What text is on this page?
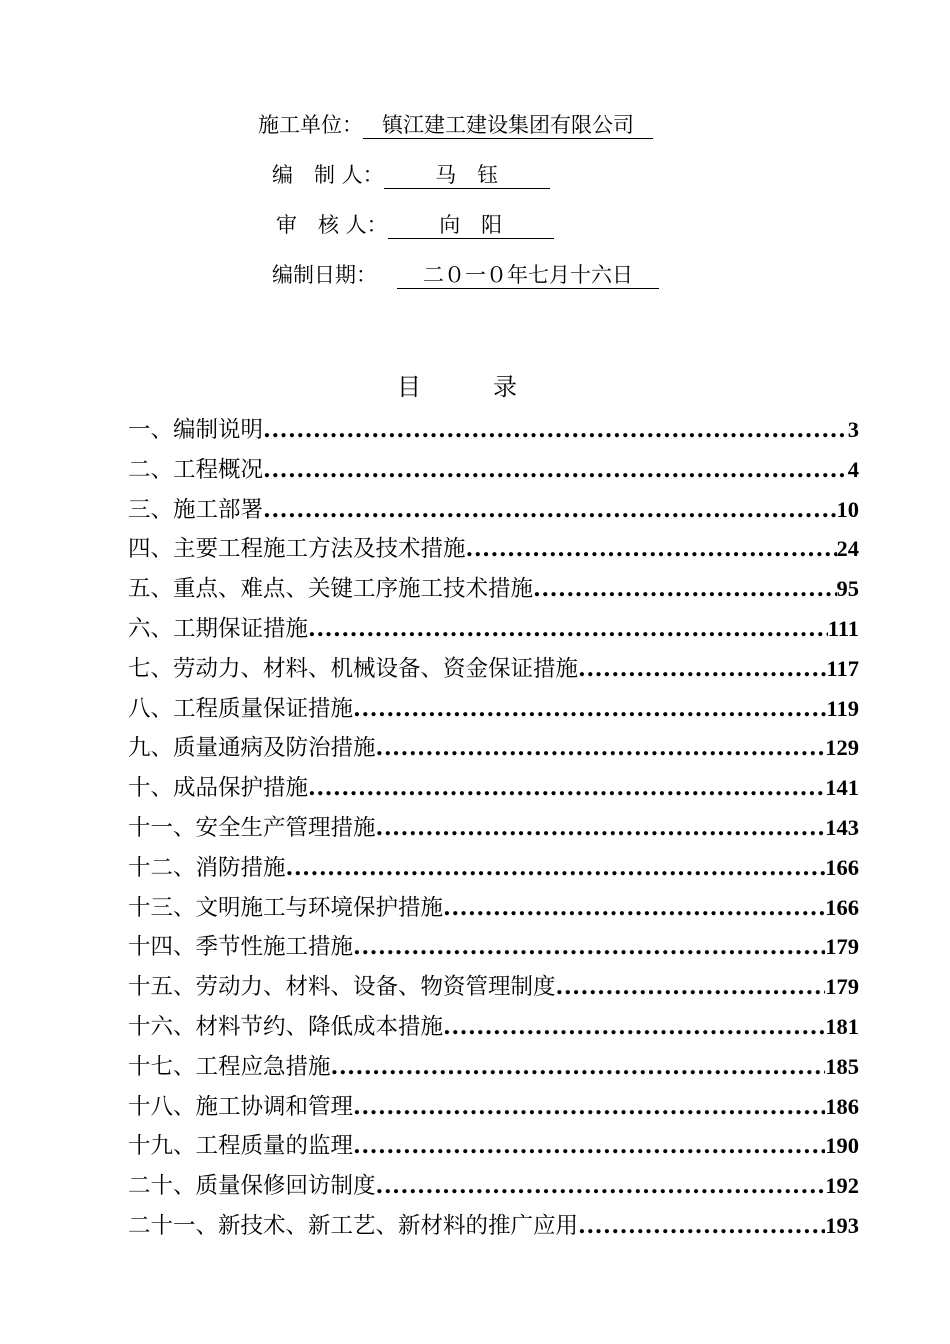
施工单位： 镇江建工建设集团有限公司
编　制 人： 马　钰
审　核 人： 向　阳
编制日期： 二０一０年七月十六日
目录
一、编制说明 .....	3
二、工程概况 .....	4
三、施工部署 .....	10
四、主要工程施工方法及技术措施 .....	24
五、重点、难点、关键工序施工技术措施 .....	95
六、工期保证措施 .....	111
七、劳动力、材料、机械设备、资金保证措施 .....	117
八、工程质量保证措施 .....	119
九、质量通病及防治措施 .....	129
十、成品保护措施 .....	141
十一、安全生产管理措施 .....	143
十二、消防措施 .....	166
十三、文明施工与环境保护措施 .....	166
十四、季节性施工措施 .....	179
十五、劳动力、材料、设备、物资管理制度 .....	179
十六、材料节约、降低成本措施 .....	181
十七、工程应急措施 .....	185
十八、施工协调和管理 .....	186
十九、工程质量的监理 .....	190
二十、质量保修回访制度 .....	192
二十一、新技术、新工艺、新材料的推广应用 .....	193
